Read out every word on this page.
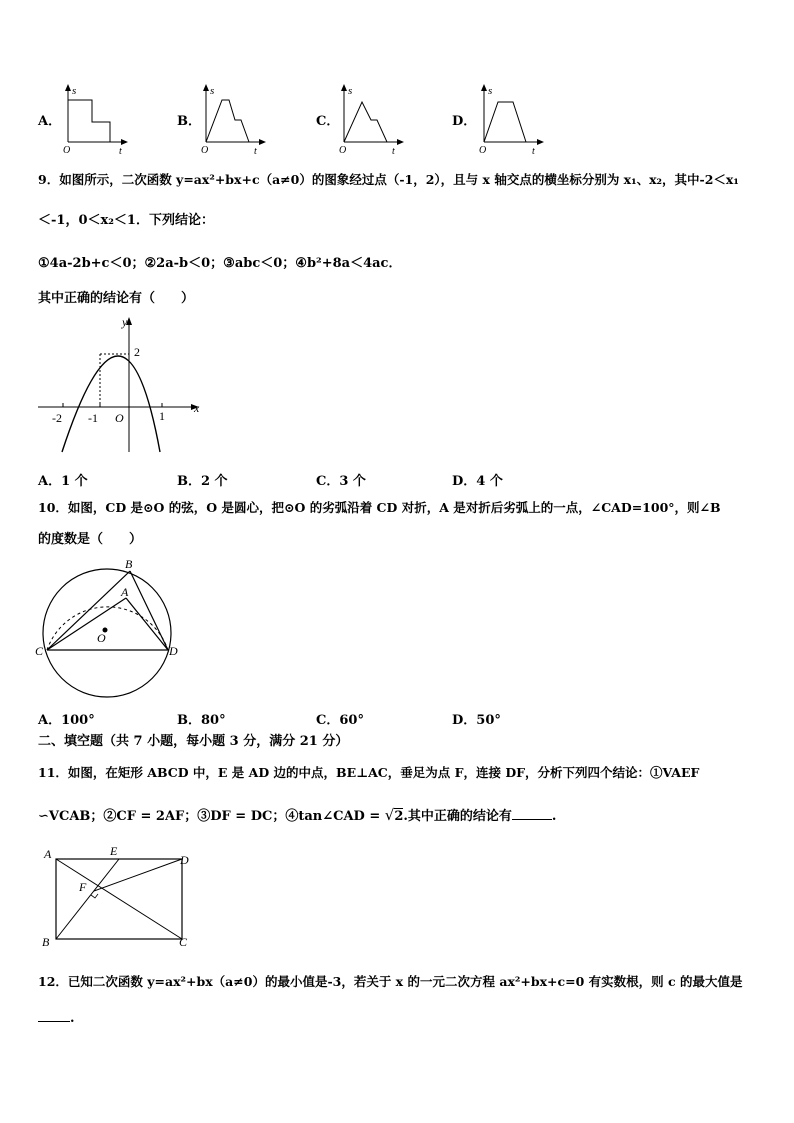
A．
s
O	t
B．
s
O	t
C．
s
O	t
D．
s
O	t
9．如图所示，二次函数 y=ax²+bx+c（a≠0）的图象经过点（-1，2），且与 x 轴交点的横坐标分别为 x₁、x₂，其中-2＜x₁
＜-1，0＜x₂＜1．下列结论：
①4a-2b+c＜0；②2a-b＜0；③abc＜0；④b²+8a＜4ac．
其中正确的结论有（　　）
y
x
2
-2 -1 O	1
A．1 个	B．2 个	C．3 个	D．4 个
10．如图，CD 是⊙O 的弦，O 是圆心，把⊙O 的劣弧沿着 CD 对折，A 是对折后劣弧上的一点，∠CAD=100°，则∠B
的度数是（　　）
B
A
O
C	D
A．100°	B．80°	C．60°	D．50°
二、填空题（共 7 小题，每小题 3 分，满分 21 分）
11．如图，在矩形 ABCD 中，E 是 AD 边的中点，BE⊥AC，垂足为点 F，连接 DF，分析下列四个结论：①VAEF
∽VCAB；②CF = 2AF；③DF = DC；④tan∠CAD = √2.其中正确的结论有	.
A	E
D
F
B	C
12．已知二次函数 y=ax²+bx（a≠0）的最小值是-3，若关于 x 的一元二次方程 ax²+bx+c=0 有实数根，则 c 的最大值是
.
